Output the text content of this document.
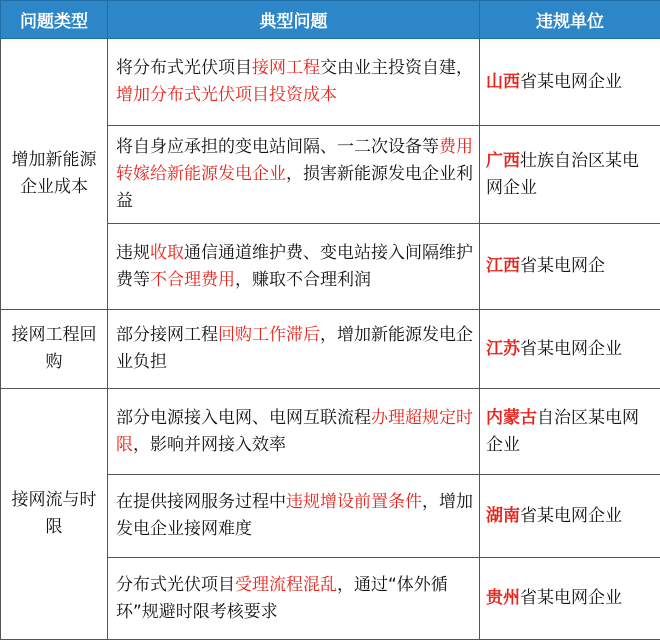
问题类型	典型问题	违规单位
增加新能源企业成本	将分布式光伏项目接网工程交由业主投资自建，增加分布式光伏项目投资成本	山西省某电网企业
	将自身应承担的变电站间隔、一二次设备等费用转嫁给新能源发电企业，损害新能源发电企业利益	广西壮族自治区某电网企业
	违规收取通信通道维护费、变电站接入间隔维护费等不合理费用，赚取不合理利润	江西省某电网企
接网工程回购	部分接网工程回购工作滞后，增加新能源发电企业负担	江苏省某电网企业
接网流与时限	部分电源接入电网、电网互联流程办理超规定时限，影响并网接入效率	内蒙古自治区某电网企业
	在提供接网服务过程中违规增设前置条件，增加发电企业接网难度	湖南省某电网企业
	分布式光伏项目受理流程混乱，通过“体外循环”规避时限考核要求	贵州省某电网企业
